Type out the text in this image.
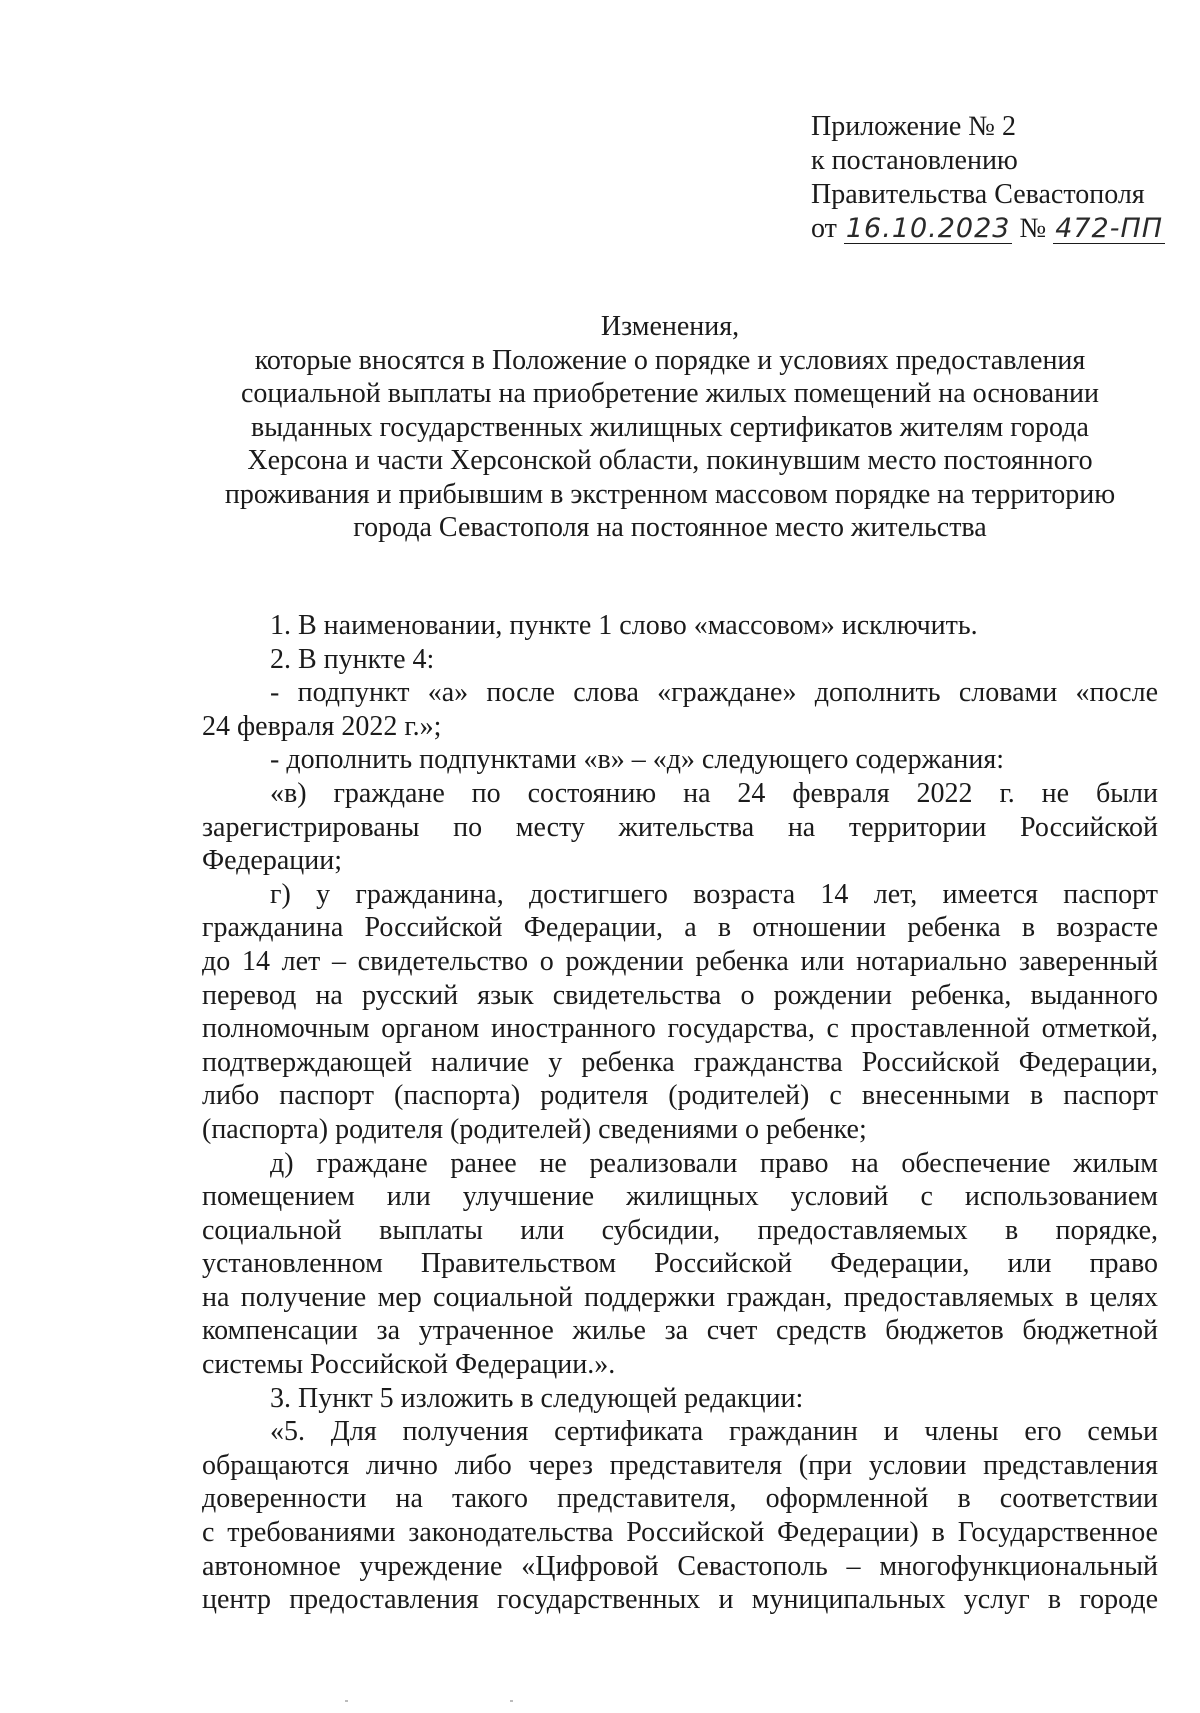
Приложение № 2
к постановлению
Правительства Севастополя
от 16.10.2023 № 472-ПП
Изменения,
которые вносятся в Положение о порядке и условиях предоставления
социальной выплаты на приобретение жилых помещений на основании
выданных государственных жилищных сертификатов жителям города
Херсона и части Херсонской области, покинувшим место постоянного
проживания и прибывшим в экстренном массовом порядке на территорию
города Севастополя на постоянное место жительства
1. В наименовании, пункте 1 слово «массовом» исключить.
2. В пункте 4:
- подпункт «а» после слова «граждане» дополнить словами «после
24 февраля 2022 г.»;
- дополнить подпунктами «в» – «д» следующего содержания:
«в) граждане по состоянию на 24 февраля 2022 г. не были
зарегистрированы по месту жительства на территории Российской
Федерации;
г) у гражданина, достигшего возраста 14 лет, имеется паспорт
гражданина Российской Федерации, а в отношении ребенка в возрасте
до 14 лет – свидетельство о рождении ребенка или нотариально заверенный
перевод на русский язык свидетельства о рождении ребенка, выданного
полномочным органом иностранного государства, с проставленной отметкой,
подтверждающей наличие у ребенка гражданства Российской Федерации,
либо паспорт (паспорта) родителя (родителей) с внесенными в паспорт
(паспорта) родителя (родителей) сведениями о ребенке;
д) граждане ранее не реализовали право на обеспечение жилым
помещением или улучшение жилищных условий с использованием
социальной выплаты или субсидии, предоставляемых в порядке,
установленном Правительством Российской Федерации, или право
на получение мер социальной поддержки граждан, предоставляемых в целях
компенсации за утраченное жилье за счет средств бюджетов бюджетной
системы Российской Федерации.».
3. Пункт 5 изложить в следующей редакции:
«5. Для получения сертификата гражданин и члены его семьи
обращаются лично либо через представителя (при условии представления
доверенности на такого представителя, оформленной в соответствии
с требованиями законодательства Российской Федерации) в Государственное
автономное учреждение «Цифровой Севастополь – многофункциональный
центр предоставления государственных и муниципальных услуг в городе
